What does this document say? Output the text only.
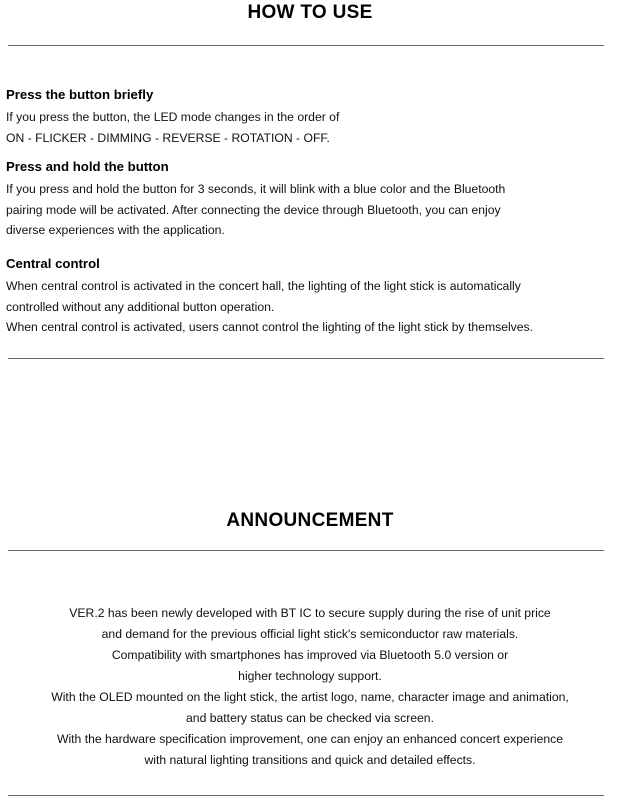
HOW TO USE

Press the button briefly

If you press the button, the LED mode changes in the order of

ON - FLICKER - DIMMING - REVERSE - ROTATION - OFF.

Press and hold the button

If you press and hold the button for 3 seconds, it will blink with a blue color and the Bluetooth

pairing mode will be activated. After connecting the device through Bluetooth, you can enjoy

diverse experiences with the application.

Central control

When central control is activated in the concert hall, the lighting of the light stick is automatically

controlled without any additional button operation.

When central control is activated, users cannot control the lighting of the light stick by themselves.

ANNOUNCEMENT
VER.2 has been newly developed with BT IC to secure supply during the rise of unit price
and demand for the previous official light stick's semiconductor raw materials.
Compatibility with smartphones has improved via Bluetooth 5.0 version or
higher technology support.
With the OLED mounted on the light stick, the artist logo, name, character image and animation,
and battery status can be checked via screen.
With the hardware specification improvement, one can enjoy an enhanced concert experience
with natural lighting transitions and quick and detailed effects.
